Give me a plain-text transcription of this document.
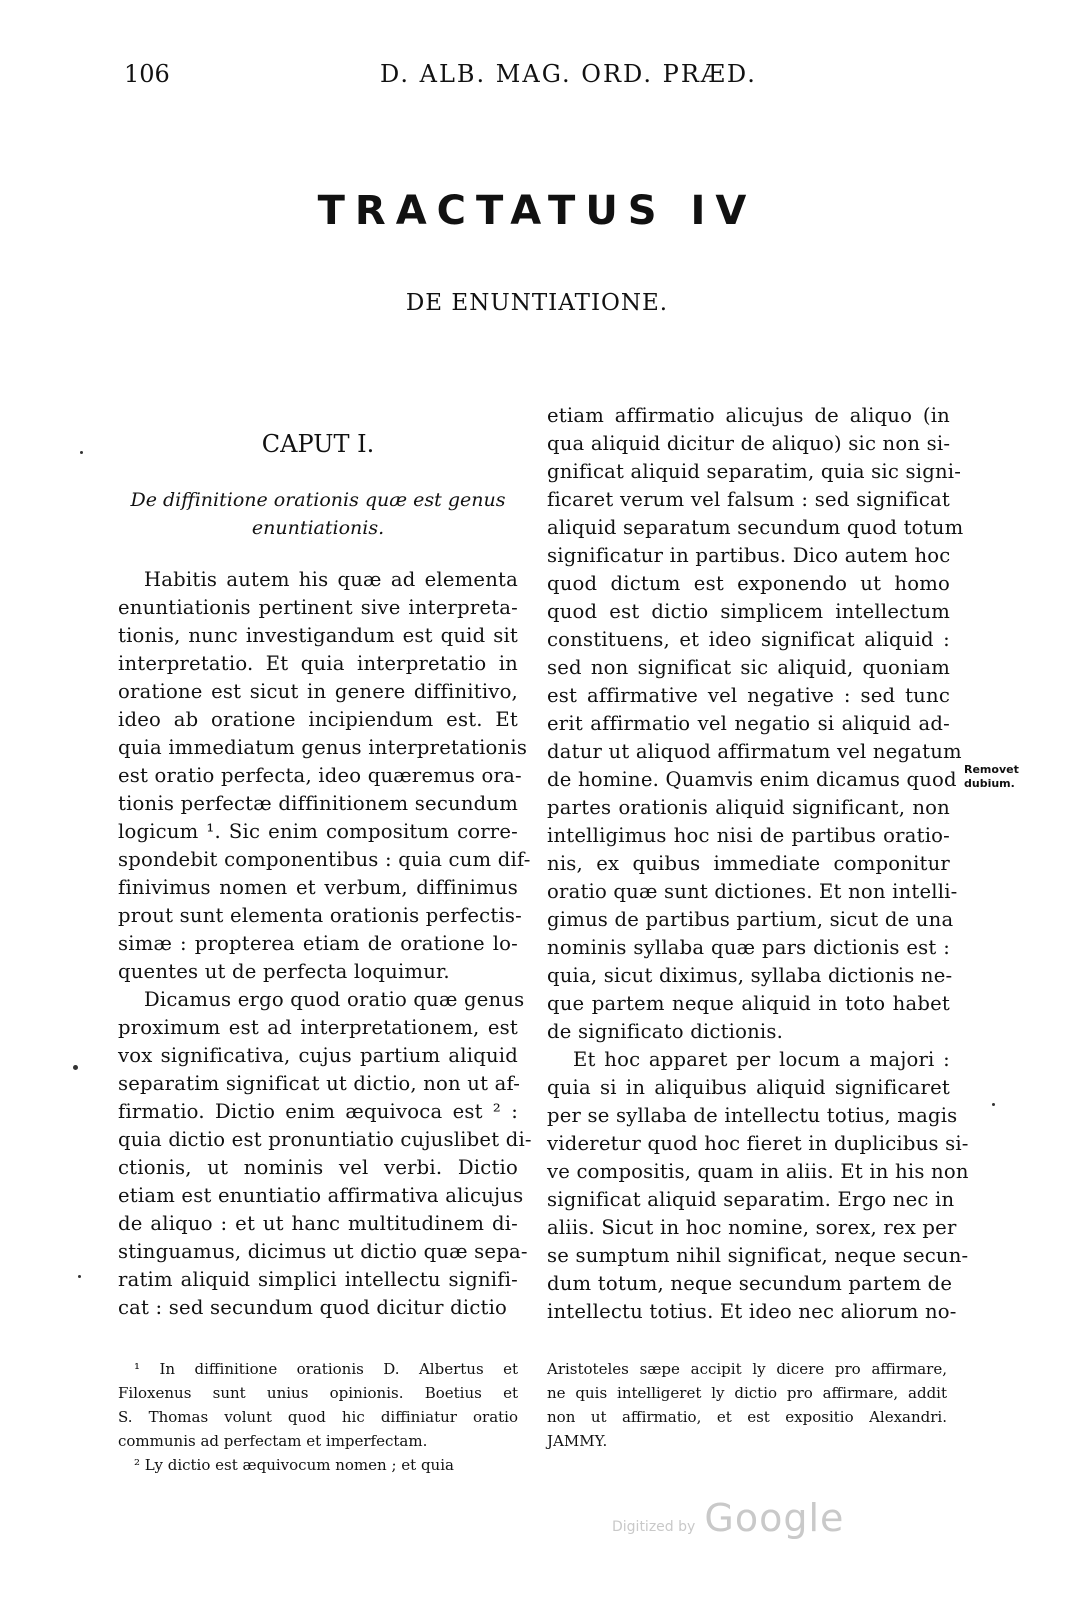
106	D. ALB. MAG. ORD. PRÆD.
TRACTATUS IV
DE ENUNTIATIONE.
CAPUT I.
De diffinitione orationis quæ est genus
enuntiationis.
Habitis autem his quæ ad elementa
enuntiationis pertinent sive interpreta-
tionis, nunc investigandum est quid sit
interpretatio. Et quia interpretatio in
oratione est sicut in genere diffinitivo,
ideo ab oratione incipiendum est. Et
quia immediatum genus interpretationis
est oratio perfecta, ideo quæremus ora-
tionis perfectæ diffinitionem secundum
logicum ¹. Sic enim compositum corre-
spondebit componentibus : quia cum dif-
finivimus nomen et verbum, diffinimus
prout sunt elementa orationis perfectis-
simæ : propterea etiam de oratione lo-
quentes ut de perfecta loquimur.
Dicamus ergo quod oratio quæ genus
proximum est ad interpretationem, est
vox significativa, cujus partium aliquid
separatim significat ut dictio, non ut af-
firmatio. Dictio enim æquivoca est ² :
quia dictio est pronuntiatio cujuslibet di-
ctionis, ut nominis vel verbi. Dictio
etiam est enuntiatio affirmativa alicujus
de aliquo : et ut hanc multitudinem di-
stinguamus, dicimus ut dictio quæ sepa-
ratim aliquid simplici intellectu signifi-
cat : sed secundum quod dicitur dictio
etiam affirmatio alicujus de aliquo (in
qua aliquid dicitur de aliquo) sic non si-
gnificat aliquid separatim, quia sic signi-
ficaret verum vel falsum : sed significat
aliquid separatum secundum quod totum
significatur in partibus. Dico autem hoc
quod dictum est exponendo ut homo
quod est dictio simplicem intellectum
constituens, et ideo significat aliquid :
sed non significat sic aliquid, quoniam
est affirmative vel negative : sed tunc
erit affirmatio vel negatio si aliquid ad-
datur ut aliquod affirmatum vel negatum
de homine. Quamvis enim dicamus quod
partes orationis aliquid significant, non
intelligimus hoc nisi de partibus oratio-
nis, ex quibus immediate componitur
oratio quæ sunt dictiones. Et non intelli-
gimus de partibus partium, sicut de una
nominis syllaba quæ pars dictionis est :
quia, sicut diximus, syllaba dictionis ne-
que partem neque aliquid in toto habet
de significato dictionis.
Et hoc apparet per locum a majori :
quia si in aliquibus aliquid significaret
per se syllaba de intellectu totius, magis
videretur quod hoc fieret in duplicibus si-
ve compositis, quam in aliis. Et in his non
significat aliquid separatim. Ergo nec in
aliis. Sicut in hoc nomine, sorex, rex per
se sumptum nihil significat, neque secun-
dum totum, neque secundum partem de
intellectu totius. Et ideo nec aliorum no-
Removet
dubium.
¹ In diffinitione orationis D. Albertus et
Filoxenus sunt unius opinionis. Boetius et
S. Thomas volunt quod hic diffiniatur oratio
communis ad perfectam et imperfectam.
² Ly dictio est æquivocum nomen ; et quia
Aristoteles sæpe accipit ly dicere pro affirmare,
ne quis intelligeret ly dictio pro affirmare, addit
non ut affirmatio, et est expositio Alexandri.
JAMMY.
Digitized by Google
